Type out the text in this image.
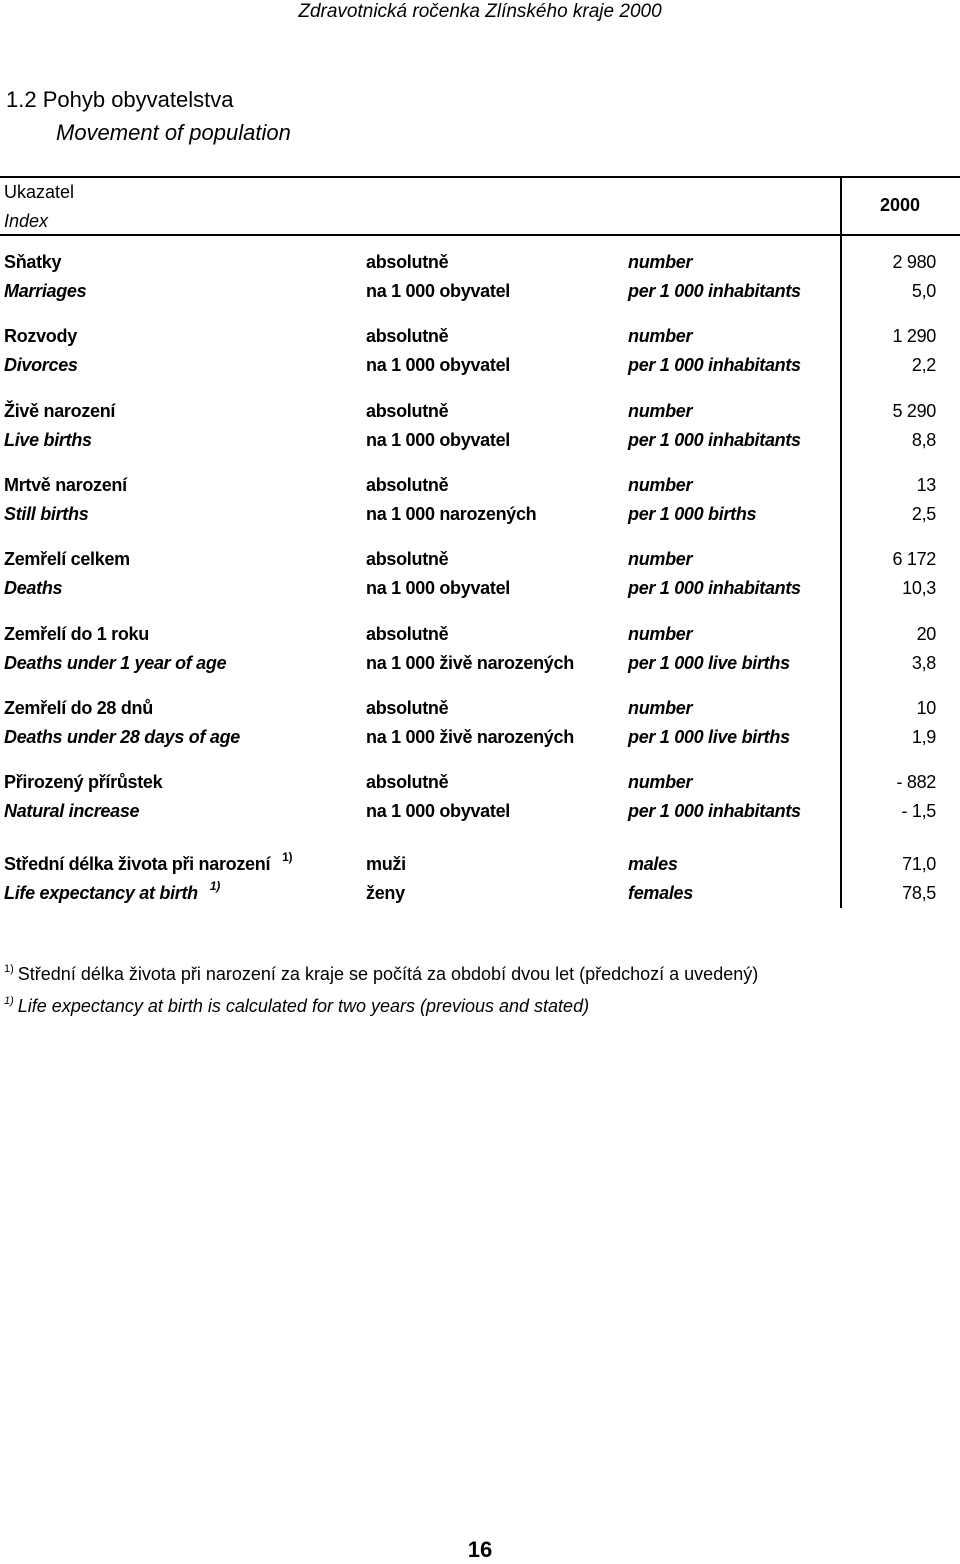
Zdravotnická ročenka Zlínského kraje 2000
1.2 Pohyb obyvatelstva
Movement of population
Ukazatel
Index
2000
Sňatky
Marriages
absolutně
na 1 000 obyvatel
number
per 1 000 inhabitants
2 980
5,0
Rozvody
Divorces
absolutně
na 1 000 obyvatel
number
per 1 000 inhabitants
1 290
2,2
Živě narození
Live births
absolutně
na 1 000 obyvatel
number
per 1 000 inhabitants
5 290
8,8
Mrtvě narození
Still births
absolutně
na 1 000 narozených
number
per 1 000 births
13
2,5
Zemřelí celkem
Deaths
absolutně
na 1 000 obyvatel
number
per 1 000 inhabitants
6 172
10,3
Zemřelí do 1 roku
Deaths under 1 year of age
absolutně
na 1 000 živě narozených
number
per 1 000 live births
20
3,8
Zemřelí do 28 dnů
Deaths under 28 days of age
absolutně
na 1 000 živě narozených
number
per 1 000 live births
10
1,9
Přirozený přírůstek
Natural increase
absolutně
na 1 000 obyvatel
number
per 1 000 inhabitants
- 882
- 1,5
Střední délka života při narození $^{1)}$
Life expectancy at birth $^{1)}$
muži
ženy
males
females
71,0
78,5
$^{1)}$ Střední délka života při narození za kraje se počítá za období dvou let (předchozí a uvedený)
$^{1)}$ Life expectancy at birth is calculated for two years (previous and stated)
16
